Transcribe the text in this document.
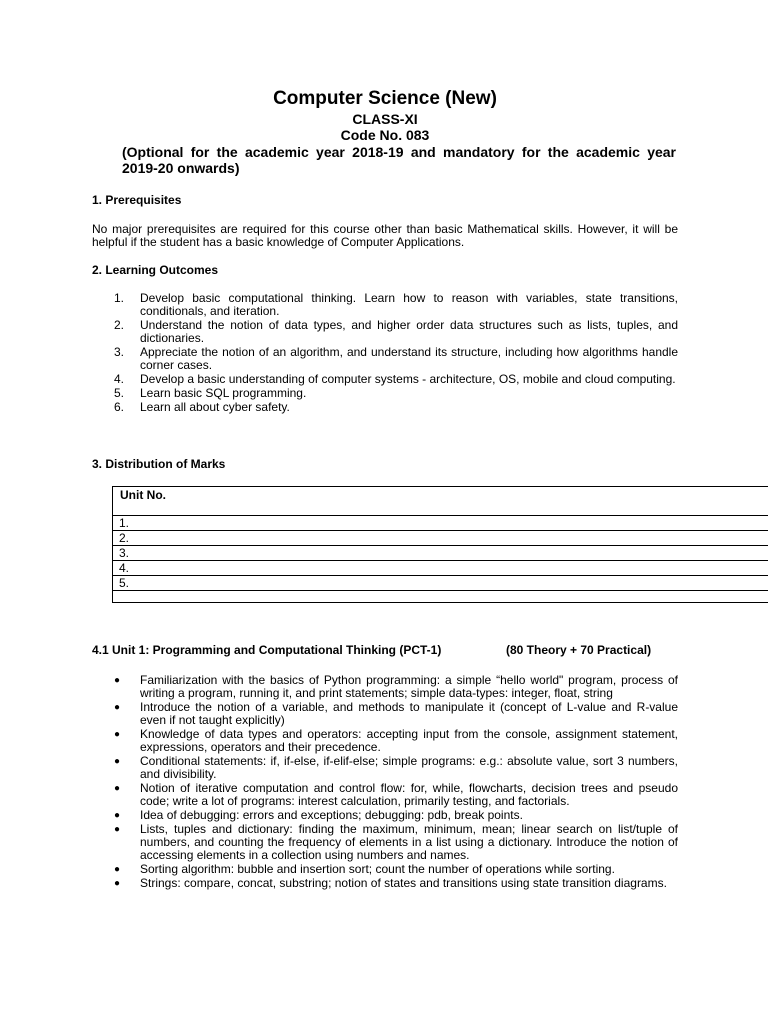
Computer Science (New)
CLASS-XI
Code No. 083
(Optional for the academic year 2018-19 and mandatory for the academic year 2019-20 onwards)
1. Prerequisites
No major prerequisites are required for this course other than basic Mathematical skills. However, it will be helpful if the student has a basic knowledge of Computer Applications.
2. Learning Outcomes
1. Develop basic computational thinking. Learn how to reason with variables, state transitions, conditionals, and iteration.
2. Understand the notion of data types, and higher order data structures such as lists, tuples, and dictionaries.
3. Appreciate the notion of an algorithm, and understand its structure, including how algorithms handle corner cases.
4. Develop a basic understanding of computer systems - architecture, OS, mobile and cloud computing.
5. Learn basic SQL programming.
6. Learn all about cyber safety.
3. Distribution of Marks
Unit No.
1.
2.
3.
4.
5.
4.1 Unit 1: Programming and Computational Thinking (PCT-1)	(80 Theory + 70 Practical)
● Familiarization with the basics of Python programming: a simple “hello world" program, process of writing a program, running it, and print statements; simple data-types: integer, float, string
● Introduce the notion of a variable, and methods to manipulate it (concept of L-value and R-value even if not taught explicitly)
● Knowledge of data types and operators: accepting input from the console, assignment statement, expressions, operators and their precedence.
● Conditional statements: if, if-else, if-elif-else; simple programs: e.g.: absolute value, sort 3 numbers, and divisibility.
● Notion of iterative computation and control flow: for, while, flowcharts, decision trees and pseudo code; write a lot of programs: interest calculation, primarily testing, and factorials.
● Idea of debugging: errors and exceptions; debugging: pdb, break points.
● Lists, tuples and dictionary: finding the maximum, minimum, mean; linear search on list/tuple of numbers, and counting the frequency of elements in a list using a dictionary. Introduce the notion of accessing elements in a collection using numbers and names.
● Sorting algorithm: bubble and insertion sort; count the number of operations while sorting.
● Strings: compare, concat, substring; notion of states and transitions using state transition diagrams.
